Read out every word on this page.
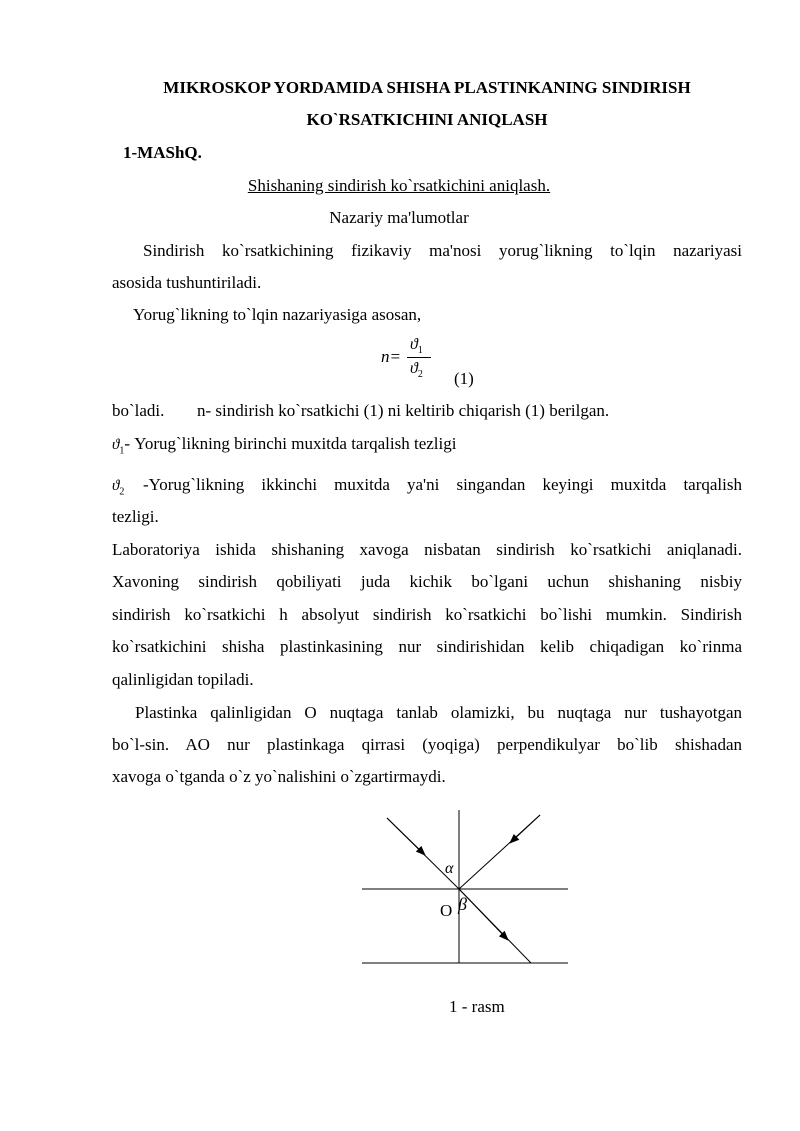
MIKROSKOP YORDAMIDA SHISHA PLASTINKANING SINDIRISH
KO`RSATKICHINI ANIQLASH
1-MAShQ.
Shishaning sindirish ko`rsatkichini aniqlash.
Nazariy ma'lumotlar
Sindirish ko`rsatkichining fizikaviy ma'nosi yorug`likning to`lqin nazariyasi
asosida tushuntiriladi.
Yorug`likning to`lqin nazariyasiga asosan,
n=
$ϑ_1$
$ϑ_2$ (1)
bo`ladi. n- sindirish ko`rsatkichi (1) ni keltirib chiqarish (1) berilgan.
$ϑ_1-$ Yorug`likning birinchi muxitda tarqalish tezligi
$ϑ_2$ -Yorug`likning ikkinchi muxitda ya'ni singandan keyingi muxitda tarqalish
tezligi.
Laboratoriya ishida shishaning xavoga nisbatan sindirish ko`rsatkichi aniqlanadi.
Xavoning sindirish qobiliyati juda kichik bo`lgani uchun shishaning nisbiy
sindirish ko`rsatkichi h absolyut sindirish ko`rsatkichi bo`lishi mumkin. Sindirish
ko`rsatkichini shisha plastinkasining nur sindirishidan kelib chiqadigan ko`rinma
qalinligidan topiladi.
Plastinka qalinligidan O nuqtaga tanlab olamizki, bu nuqtaga nur tushayotgan
bo`l-sin. AO nur plastinkaga qirrasi (yoqiga) perpendikulyar bo`lib shishadan
xavoga o`tganda o`z yo`nalishini o`zgartirmaydi.
α
O β
1 - rasm
